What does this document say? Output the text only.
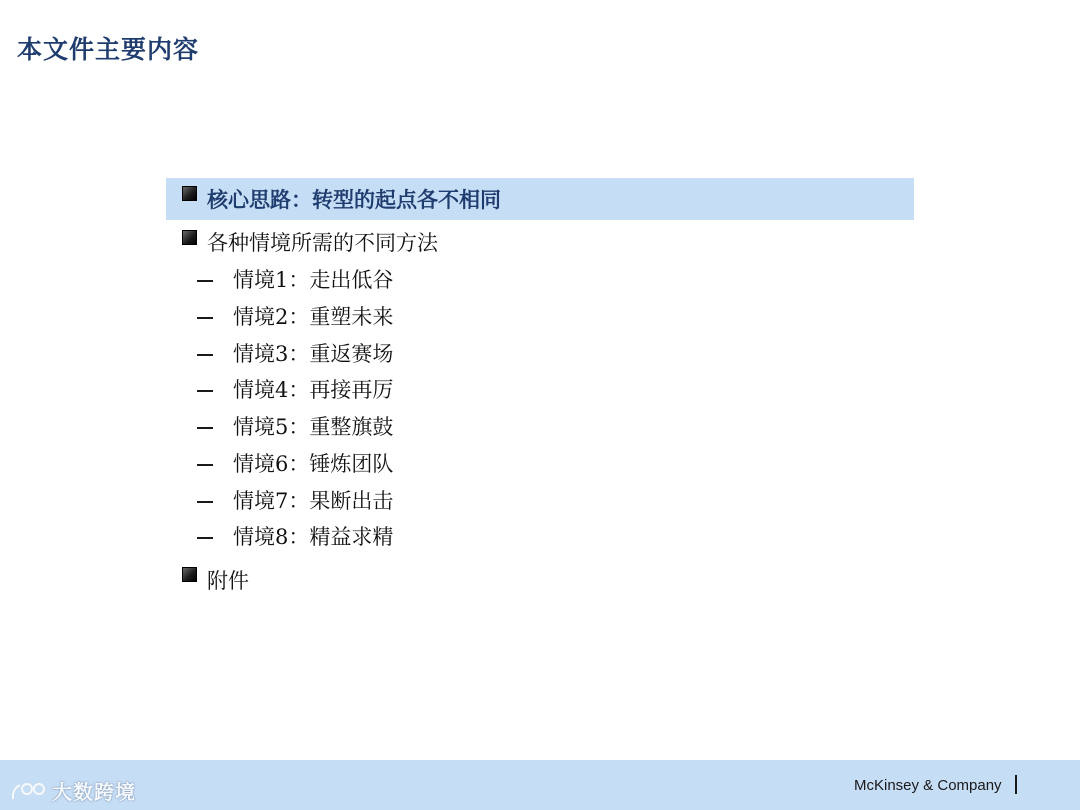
本文件主要内容
核心思路：转型的起点各不相同
各种情境所需的不同方法
情境1：走出低谷
情境2：重塑未来
情境3：重返赛场
情境4：再接再厉
情境5：重整旗鼓
情境6：锤炼团队
情境7：果断出击
情境8：精益求精
附件
大数跨境	McKinsey & Company
